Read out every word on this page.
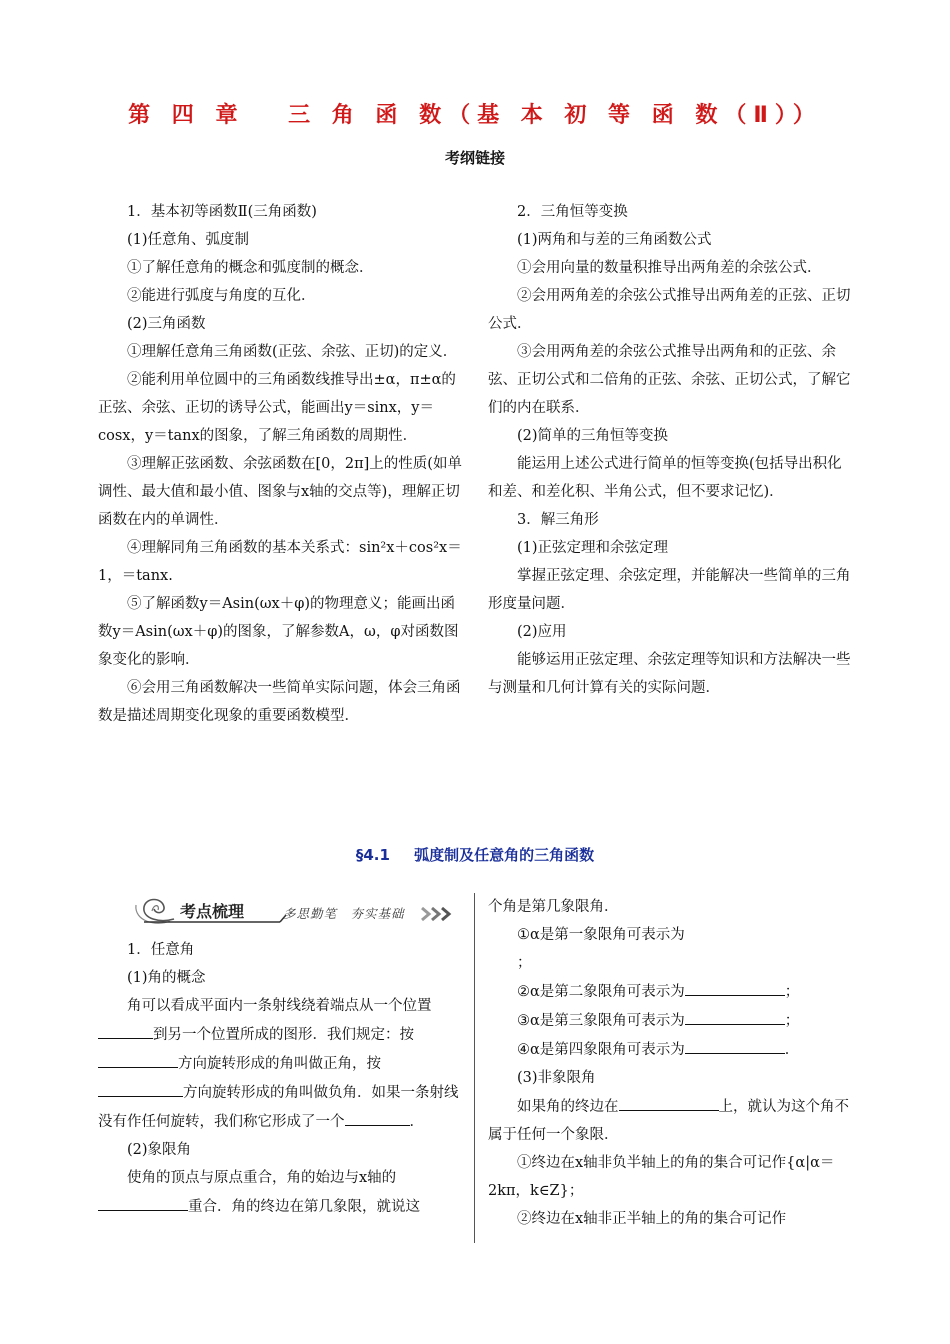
第 四 章　 三 角 函 数（基 本 初 等 函 数（Ⅱ））
考纲链接

1．基本初等函数Ⅱ(三角函数)

(1)任意角、弧度制

①了解任意角的概念和弧度制的概念．

②能进行弧度与角度的互化．

(2)三角函数

①理解任意角三角函数(正弦、余弦、正切)的定义．

②能利用单位圆中的三角函数线推导出±α，π±α的正弦、余弦、正切的诱导公式，能画出y＝sinx，y＝cosx，y＝tanx的图象，了解三角函数的周期性．

③理解正弦函数、余弦函数在[0，2π]上的性质(如单调性、最大值和最小值、图象与x轴的交点等)，理解正切函数在内的单调性．

④理解同角三角函数的基本关系式：sin²x＋cos²x＝1，＝tanx.

⑤了解函数y＝Asin(ωx＋φ)的物理意义；能画出函数y＝Asin(ωx＋φ)的图象，了解参数A，ω，φ对函数图象变化的影响．

⑥会用三角函数解决一些简单实际问题，体会三角函数是描述周期变化现象的重要函数模型．

2．三角恒等变换

(1)两角和与差的三角函数公式

①会用向量的数量积推导出两角差的余弦公式．

②会用两角差的余弦公式推导出两角差的正弦、正切公式．

③会用两角差的余弦公式推导出两角和的正弦、余弦、正切公式和二倍角的正弦、余弦、正切公式，了解它们的内在联系．

(2)简单的三角恒等变换

能运用上述公式进行简单的恒等变换(包括导出积化和差、和差化积、半角公式，但不要求记忆)．

3．解三角形

(1)正弦定理和余弦定理

掌握正弦定理、余弦定理，并能解决一些简单的三角形度量问题．

(2)应用

能够运用正弦定理、余弦定理等知识和方法解决一些与测量和几何计算有关的实际问题．

§4.1　 弧度制及任意角的三角函数
考点梳理	多思勤笔　夯实基础

1．任意角

(1)角的概念

角可以看成平面内一条射线绕着端点从一个位置到另一个位置所成的图形．我们规定：按方向旋转形成的角叫做正角，按方向旋转形成的角叫做负角．如果一条射线没有作任何旋转，我们称它形成了一个	．

(2)象限角

使角的顶点与原点重合，角的始边与x轴的重合．角的终边在第几象限，就说这

个角是第几象限角．

①α是第一象限角可表示为

；

②α是第二象限角可表示为	；

③α是第三象限角可表示为	；

④α是第四象限角可表示为	．

(3)非象限角

如果角的终边在	上，就认为这个角不属于任何一个象限．

①终边在x轴非负半轴上的角的集合可记作{α|α＝2kπ，k∈Z}；

②终边在x轴非正半轴上的角的集合可记作
